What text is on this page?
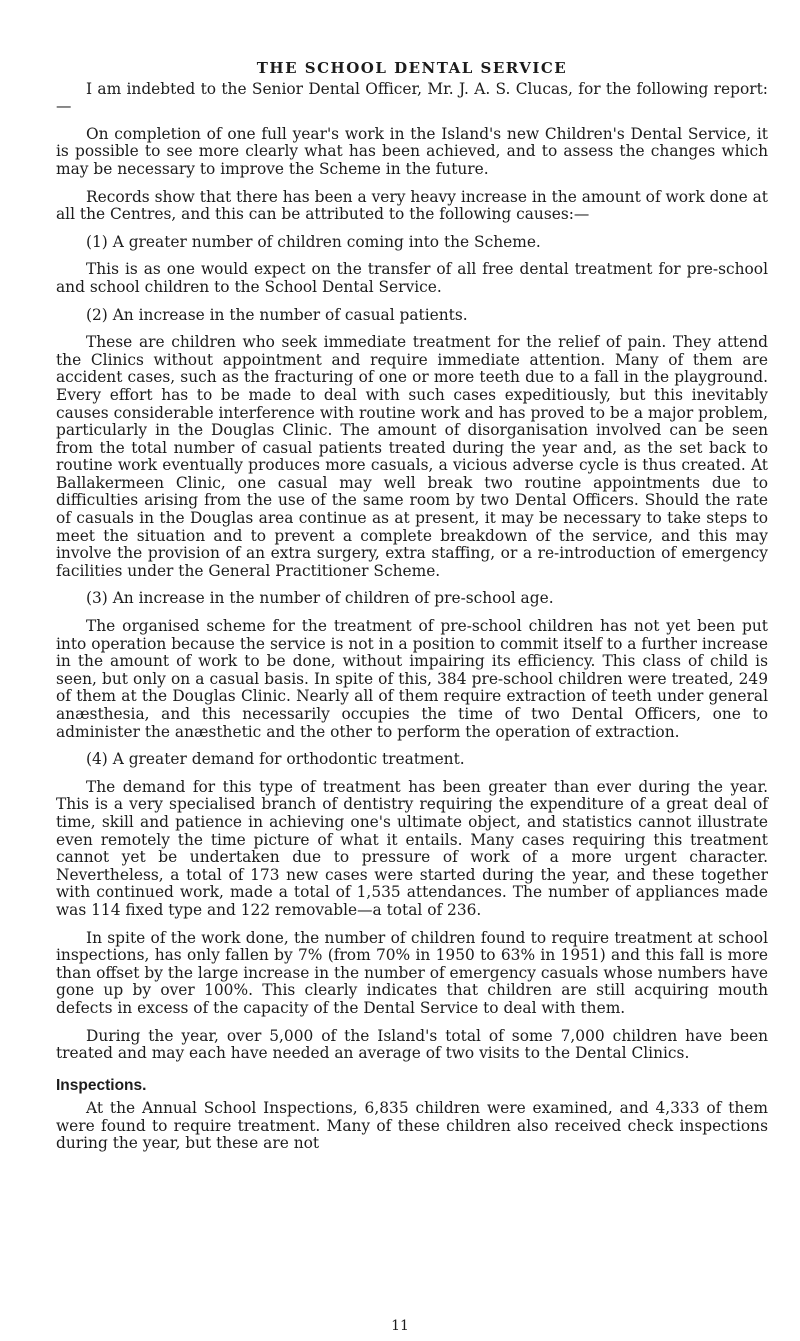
THE SCHOOL DENTAL SERVICE

I am indebted to the Senior Dental Officer, Mr. J. A. S. Clucas, for the following report:—

On completion of one full year's work in the Island's new Children's Dental Service, it is possible to see more clearly what has been achieved, and to assess the changes which may be necessary to improve the Scheme in the future.

Records show that there has been a very heavy increase in the amount of work done at all the Centres, and this can be attributed to the following causes:—

(1) A greater number of children coming into the Scheme.

This is as one would expect on the transfer of all free dental treatment for pre-school and school children to the School Dental Service.

(2) An increase in the number of casual patients.

These are children who seek immediate treatment for the relief of pain. They attend the Clinics without appointment and require immediate attention. Many of them are accident cases, such as the fracturing of one or more teeth due to a fall in the playground. Every effort has to be made to deal with such cases expeditiously, but this inevitably causes considerable interference with routine work and has proved to be a major problem, particularly in the Douglas Clinic. The amount of disorganisation involved can be seen from the total number of casual patients treated during the year and, as the set back to routine work eventually produces more casuals, a vicious adverse cycle is thus created. At Ballakermeen Clinic, one casual may well break two routine appointments due to difficulties arising from the use of the same room by two Dental Officers. Should the rate of casuals in the Douglas area continue as at present, it may be necessary to take steps to meet the situation and to prevent a complete breakdown of the service, and this may involve the provision of an extra surgery, extra staffing, or a re-introduction of emergency facilities under the General Practitioner Scheme.

(3) An increase in the number of children of pre-school age.

The organised scheme for the treatment of pre-school children has not yet been put into operation because the service is not in a position to commit itself to a further increase in the amount of work to be done, without impairing its efficiency. This class of child is seen, but only on a casual basis. In spite of this, 384 pre-school children were treated, 249 of them at the Douglas Clinic. Nearly all of them require extraction of teeth under general anæsthesia, and this necessarily occupies the time of two Dental Officers, one to administer the anæsthetic and the other to perform the operation of extraction.

(4) A greater demand for orthodontic treatment.

The demand for this type of treatment has been greater than ever during the year. This is a very specialised branch of dentistry requiring the expenditure of a great deal of time, skill and patience in achieving one's ultimate object, and statistics cannot illustrate even remotely the time picture of what it entails. Many cases requiring this treatment cannot yet be undertaken due to pressure of work of a more urgent character. Nevertheless, a total of 173 new cases were started during the year, and these together with continued work, made a total of 1,535 attendances. The number of appliances made was 114 fixed type and 122 removable—a total of 236.

In spite of the work done, the number of children found to require treatment at school inspections, has only fallen by 7% (from 70% in 1950 to 63% in 1951) and this fall is more than offset by the large increase in the number of emergency casuals whose numbers have gone up by over 100%. This clearly indicates that children are still acquiring mouth defects in excess of the capacity of the Dental Service to deal with them.

During the year, over 5,000 of the Island's total of some 7,000 children have been treated and may each have needed an average of two visits to the Dental Clinics.

Inspections.

At the Annual School Inspections, 6,835 children were examined, and 4,333 of them were found to require treatment. Many of these children also received check inspections during the year, but these are not

11
